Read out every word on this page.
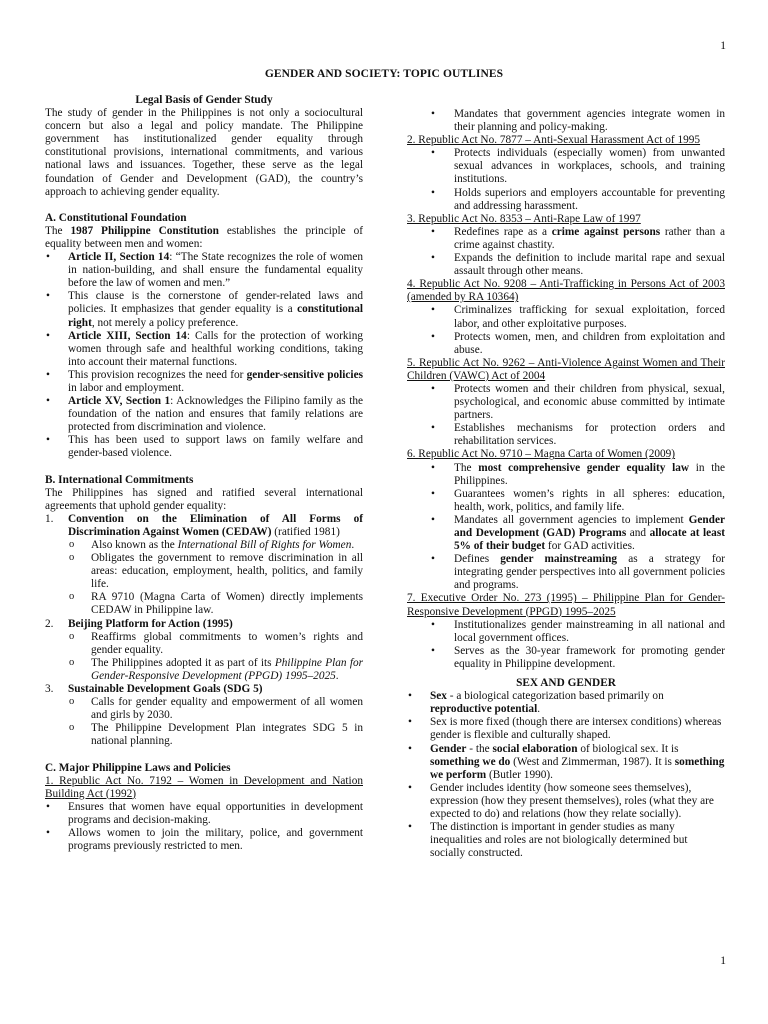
1
GENDER AND SOCIETY: TOPIC OUTLINES

Legal Basis of Gender Study

The study of gender in the Philippines is not only a sociocultural concern but also a legal and policy mandate. The Philippine government has institutionalized gender equality through constitutional provisions, international commitments, and various national laws and issuances. Together, these serve as the legal foundation of Gender and Development (GAD), the country’s approach to achieving gender equality.

A. Constitutional Foundation

The 1987 Philippine Constitution establishes the principle of equality between men and women:

• Article II, Section 14: “The State recognizes the role of women in nation-building, and shall ensure the fundamental equality before the law of women and men.”
• This clause is the cornerstone of gender-related laws and policies. It emphasizes that gender equality is a constitutional right, not merely a policy preference.
• Article XIII, Section 14: Calls for the protection of working women through safe and healthful working conditions, taking into account their maternal functions.
• This provision recognizes the need for gender-sensitive policies in labor and employment.
• Article XV, Section 1: Acknowledges the Filipino family as the foundation of the nation and ensures that family relations are protected from discrimination and violence.
• This has been used to support laws on family welfare and gender-based violence.

B. International Commitments

The Philippines has signed and ratified several international agreements that uphold gender equality:

1. Convention on the Elimination of All Forms of Discrimination Against Women (CEDAW) (ratified 1981)
o Also known as the International Bill of Rights for Women.
o Obligates the government to remove discrimination in all areas: education, employment, health, politics, and family life.
o RA 9710 (Magna Carta of Women) directly implements CEDAW in Philippine law.
2. Beijing Platform for Action (1995)
o Reaffirms global commitments to women’s rights and gender equality.
o The Philippines adopted it as part of its Philippine Plan for Gender-Responsive Development (PPGD) 1995–2025.
3. Sustainable Development Goals (SDG 5)
o Calls for gender equality and empowerment of all women and girls by 2030.
o The Philippine Development Plan integrates SDG 5 in national planning.

C. Major Philippine Laws and Policies

1. Republic Act No. 7192 – Women in Development and Nation Building Act (1992)

• Ensures that women have equal opportunities in development programs and decision-making.
• Allows women to join the military, police, and government programs previously restricted to men.
• Mandates that government agencies integrate women in their planning and policy-making.

2. Republic Act No. 7877 – Anti-Sexual Harassment Act of 1995

• Protects individuals (especially women) from unwanted sexual advances in workplaces, schools, and training institutions.
• Holds superiors and employers accountable for preventing and addressing harassment.

3. Republic Act No. 8353 – Anti-Rape Law of 1997

• Redefines rape as a crime against persons rather than a crime against chastity.
• Expands the definition to include marital rape and sexual assault through other means.

4. Republic Act No. 9208 – Anti-Trafficking in Persons Act of 2003 (amended by RA 10364)

• Criminalizes trafficking for sexual exploitation, forced labor, and other exploitative purposes.
• Protects women, men, and children from exploitation and abuse.

5. Republic Act No. 9262 – Anti-Violence Against Women and Their Children (VAWC) Act of 2004

• Protects women and their children from physical, sexual, psychological, and economic abuse committed by intimate partners.
• Establishes mechanisms for protection orders and rehabilitation services.

6. Republic Act No. 9710 – Magna Carta of Women (2009)

• The most comprehensive gender equality law in the Philippines.
• Guarantees women’s rights in all spheres: education, health, work, politics, and family life.
• Mandates all government agencies to implement Gender and Development (GAD) Programs and allocate at least 5% of their budget for GAD activities.
• Defines gender mainstreaming as a strategy for integrating gender perspectives into all government policies and programs.

7. Executive Order No. 273 (1995) – Philippine Plan for Gender-Responsive Development (PPGD) 1995–2025

• Institutionalizes gender mainstreaming in all national and local government offices.
• Serves as the 30-year framework for promoting gender equality in Philippine development.

SEX AND GENDER

• Sex - a biological categorization based primarily on reproductive potential.
• Sex is more fixed (though there are intersex conditions) whereas gender is flexible and culturally shaped.
• Gender - the social elaboration of biological sex. It is something we do (West and Zimmerman, 1987). It is something we perform (Butler 1990).
• Gender includes identity (how someone sees themselves), expression (how they present themselves), roles (what they are expected to do) and relations (how they relate socially).
• The distinction is important in gender studies as many inequalities and roles are not biologically determined but socially constructed.
1
